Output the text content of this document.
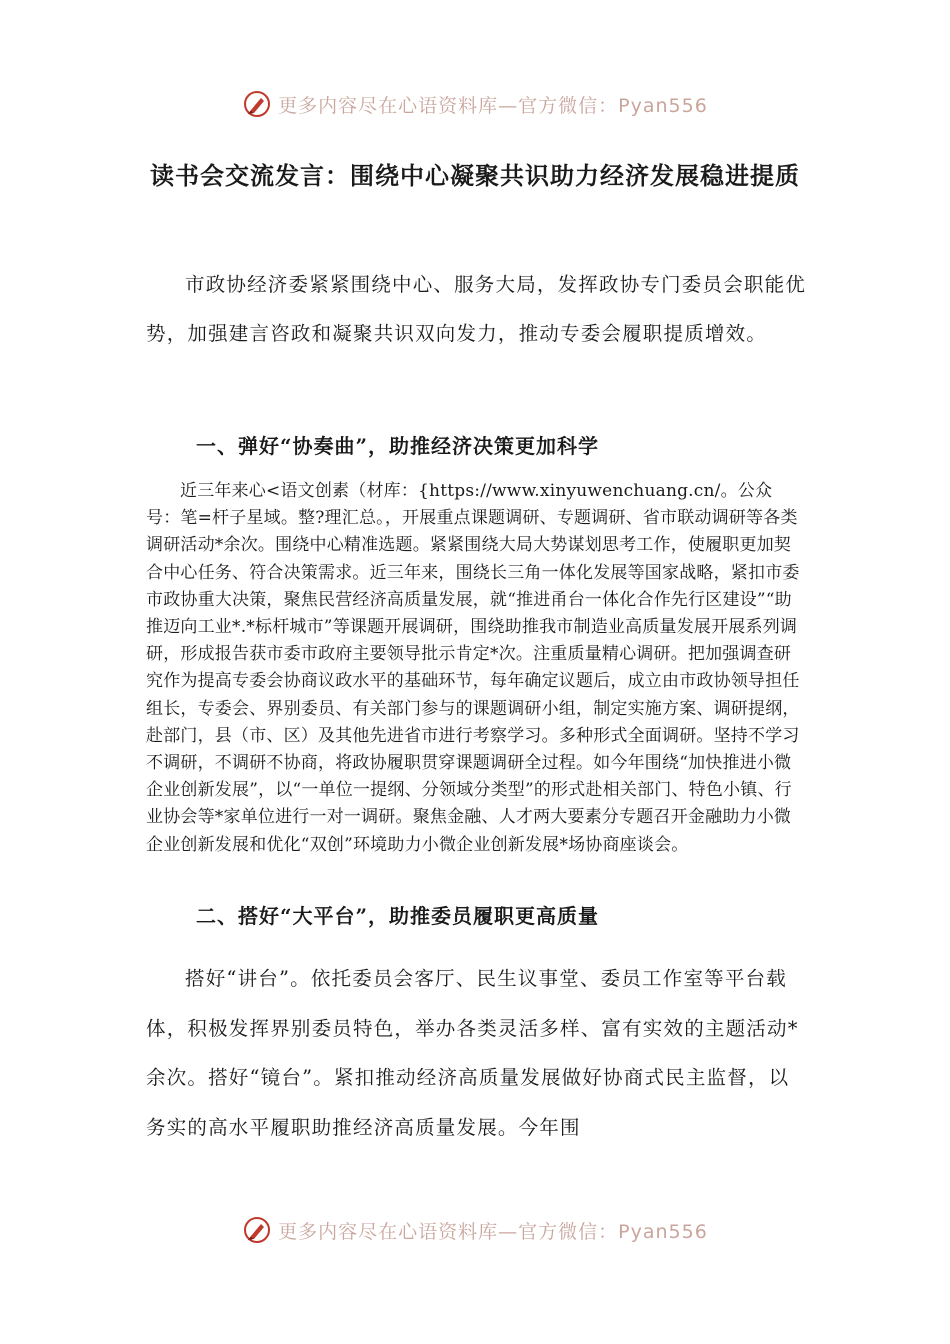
更多内容尽在心语资料库—官方微信：Pyan556
读书会交流发言：围绕中心凝聚共识助力经济发展稳进提质

市政协经济委紧紧围绕中心、服务大局，发挥政协专门委员会职能优势，加强建言咨政和凝聚共识双向发力，推动专委会履职提质增效。

一、弹好“协奏曲”，助推经济决策更加科学

近三年来心<语文创素（材库：{https://www.xinyuwenchuang.cn/。公众号：笔=杆子星域。整?理汇总。，开展重点课题调研、专题调研、省市联动调研等各类调研活动*余次。围绕中心精准选题。紧紧围绕大局大势谋划思考工作，使履职更加契合中心任务、符合决策需求。近三年来，围绕长三角一体化发展等国家战略，紧扣市委市政协重大决策，聚焦民营经济高质量发展，就“推进甬台一体化合作先行区建设”“助推迈向工业*.*标杆城市”等课题开展调研，围绕助推我市制造业高质量发展开展系列调研，形成报告获市委市政府主要领导批示肯定*次。注重质量精心调研。把加强调查研究作为提高专委会协商议政水平的基础环节，每年确定议题后，成立由市政协领导担任组长，专委会、界别委员、有关部门参与的课题调研小组，制定实施方案、调研提纲，赴部门，县（市、区）及其他先进省市进行考察学习。多种形式全面调研。坚持不学习不调研，不调研不协商，将政协履职贯穿课题调研全过程。如今年围绕“加快推进小微企业创新发展”，以“一单位一提纲、分领域分类型”的形式赴相关部门、特色小镇、行业协会等*家单位进行一对一调研。聚焦金融、人才两大要素分专题召开金融助力小微企业创新发展和优化“双创”环境助力小微企业创新发展*场协商座谈会。

二、搭好“大平台”，助推委员履职更高质量

搭好“讲台”。依托委员会客厅、民生议事堂、委员工作室等平台载体，积极发挥界别委员特色，举办各类灵活多样、富有实效的主题活动*余次。搭好“镜台”。紧扣推动经济高质量发展做好协商式民主监督，以务实的高水平履职助推经济高质量发展。今年围

更多内容尽在心语资料库—官方微信：Pyan556
